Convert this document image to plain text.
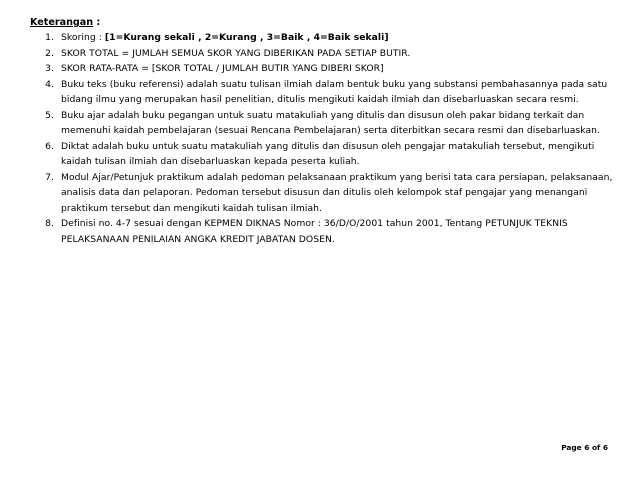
Keterangan :
1. Skoring : [1=Kurang sekali , 2=Kurang , 3=Baik , 4=Baik sekali]
2. SKOR TOTAL = JUMLAH SEMUA SKOR YANG DIBERIKAN PADA SETIAP BUTIR.
3. SKOR RATA-RATA = [SKOR TOTAL / JUMLAH BUTIR YANG DIBERI SKOR]
4. Buku teks (buku referensi) adalah suatu tulisan ilmiah dalam bentuk buku yang substansi pembahasannya pada satu bidang ilmu yang merupakan hasil penelitian, ditulis mengikuti kaidah ilmiah dan disebarluaskan secara resmi.
5. Buku ajar adalah buku pegangan untuk suatu matakuliah yang ditulis dan disusun oleh pakar bidang terkait dan memenuhi kaidah pembelajaran (sesuai Rencana Pembelajaran) serta diterbitkan secara resmi dan disebarluaskan.
6. Diktat adalah buku untuk suatu matakuliah yang ditulis dan disusun oleh pengajar matakuliah tersebut, mengikuti kaidah tulisan ilmiah dan disebarluaskan kepada peserta kuliah.
7. Modul Ajar/Petunjuk praktikum adalah pedoman pelaksanaan praktikum yang berisi tata cara persiapan, pelaksanaan, analisis data dan pelaporan. Pedoman tersebut disusun dan ditulis oleh kelompok staf pengajar yang menangani praktikum tersebut dan mengikuti kaidah tulisan ilmiah.
8. Definisi no. 4-7 sesuai dengan KEPMEN DIKNAS Nomor : 36/D/O/2001 tahun 2001, Tentang PETUNJUK TEKNIS PELAKSANAAN PENILAIAN ANGKA KREDIT JABATAN DOSEN.
Page 6 of 6
